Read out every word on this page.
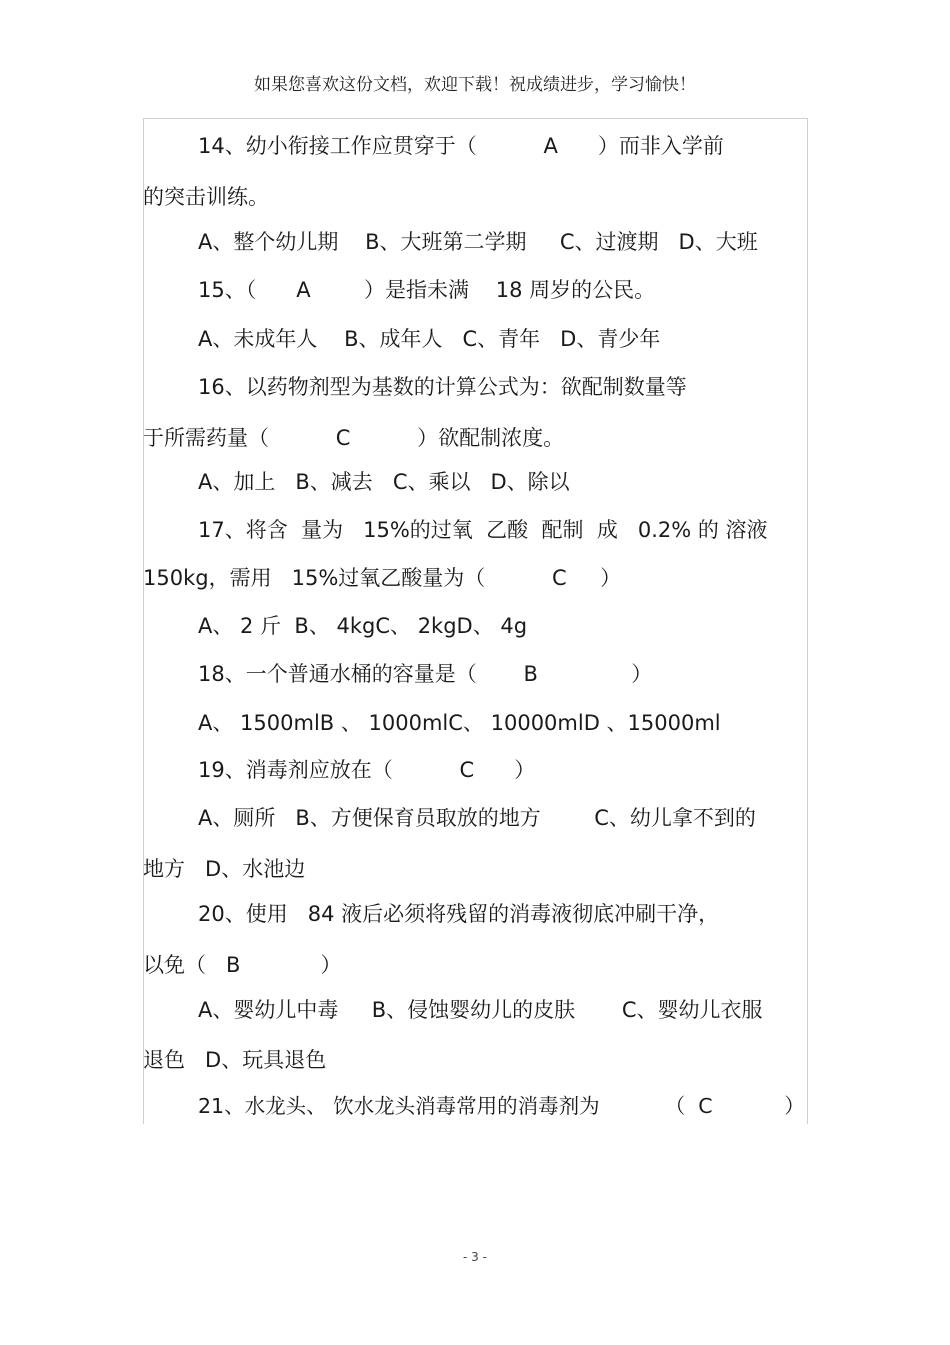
如果您喜欢这份文档，欢迎下载！祝成绩进步，学习愉快！
14、幼小衔接工作应贯穿于（          A      ）而非入学前
的突击训练。
A、整个幼儿期    B、大班第二学期     C、过渡期   D、大班
15、（      A        ）是指未满    18 周岁的公民。
A、未成年人    B、成年人   C、青年   D、青少年
16、以药物剂型为基数的计算公式为：欲配制数量等
于所需药量（          C          ）欲配制浓度。
A、加上   B、减去   C、乘以   D、除以
17、将含  量为   15%的过氧  乙酸  配制  成   0.2% 的 溶液
150kg，需用   15%过氧乙酸量为（          C     ）
A、 2 斤  B、 4kgC、 2kgD、 4g
18、一个普通水桶的容量是（       B              ）
A、 1500mlB 、 1000mlC、 10000mlD 、15000ml
19、消毒剂应放在（          C      ）
A、厕所   B、方便保育员取放的地方        C、幼儿拿不到的
地方   D、水池边
20、使用   84 液后必须将残留的消毒液彻底冲刷干净，
以免（   B            ）
A、婴幼儿中毒     B、侵蚀婴幼儿的皮肤       C、婴幼儿衣服
退色   D、玩具退色
21、水龙头、 饮水龙头消毒常用的消毒剂为          （  C           ）
- 3 -
